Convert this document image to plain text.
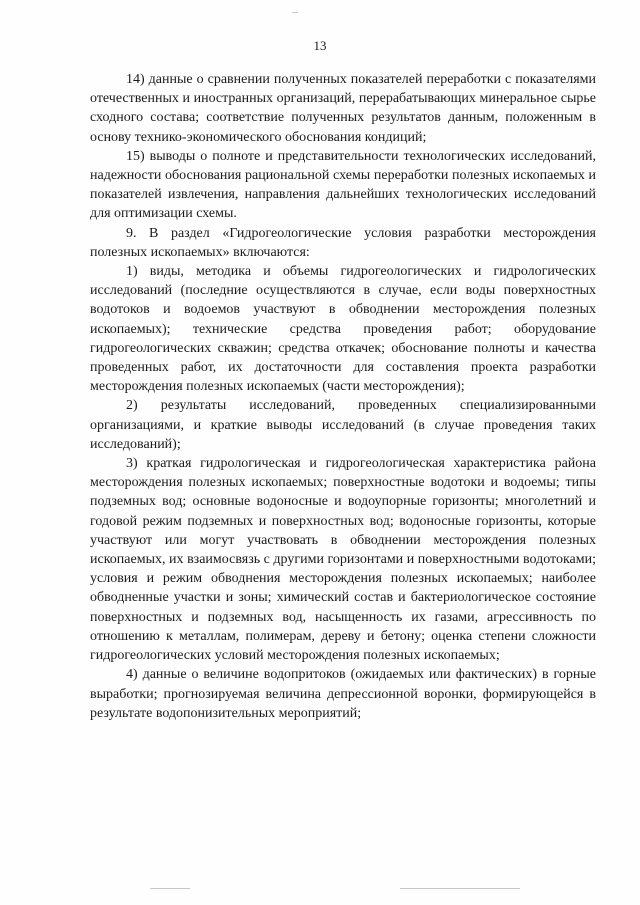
13

14) данные о сравнении полученных показателей переработки с показателями отечественных и иностранных организаций, перерабатывающих минеральное сырье сходного состава; соответствие полученных результатов данным, положенным в основу технико-экономического обоснования кондиций;

15) выводы о полноте и представительности технологических исследований, надежности обоснования рациональной схемы переработки полезных ископаемых и показателей извлечения, направления дальнейших технологических исследований для оптимизации схемы.

9. В раздел «Гидрогеологические условия разработки месторождения полезных ископаемых» включаются:

1) виды, методика и объемы гидрогеологических и гидрологических исследований (последние осуществляются в случае, если воды поверхностных водотоков и водоемов участвуют в обводнении месторождения полезных ископаемых); технические средства проведения работ; оборудование гидрогеологических скважин; средства откачек; обоснование полноты и качества проведенных работ, их достаточности для составления проекта разработки месторождения полезных ископаемых (части месторождения);

2) результаты исследований, проведенных специализированными организациями, и краткие выводы исследований (в случае проведения таких исследований);

3) краткая гидрологическая и гидрогеологическая характеристика района месторождения полезных ископаемых; поверхностные водотоки и водоемы; типы подземных вод; основные водоносные и водоупорные горизонты; многолетний и годовой режим подземных и поверхностных вод; водоносные горизонты, которые участвуют или могут участвовать в обводнении месторождения полезных ископаемых, их взаимосвязь с другими горизонтами и поверхностными водотоками; условия и режим обводнения месторождения полезных ископаемых; наиболее обводненные участки и зоны; химический состав и бактериологическое состояние поверхностных и подземных вод, насыщенность их газами, агрессивность по отношению к металлам, полимерам, дереву и бетону; оценка степени сложности гидрогеологических условий месторождения полезных ископаемых;

4) данные о величине водопритоков (ожидаемых или фактических) в горные выработки; прогнозируемая величина депрессионной воронки, формирующейся в результате водопонизительных мероприятий;
